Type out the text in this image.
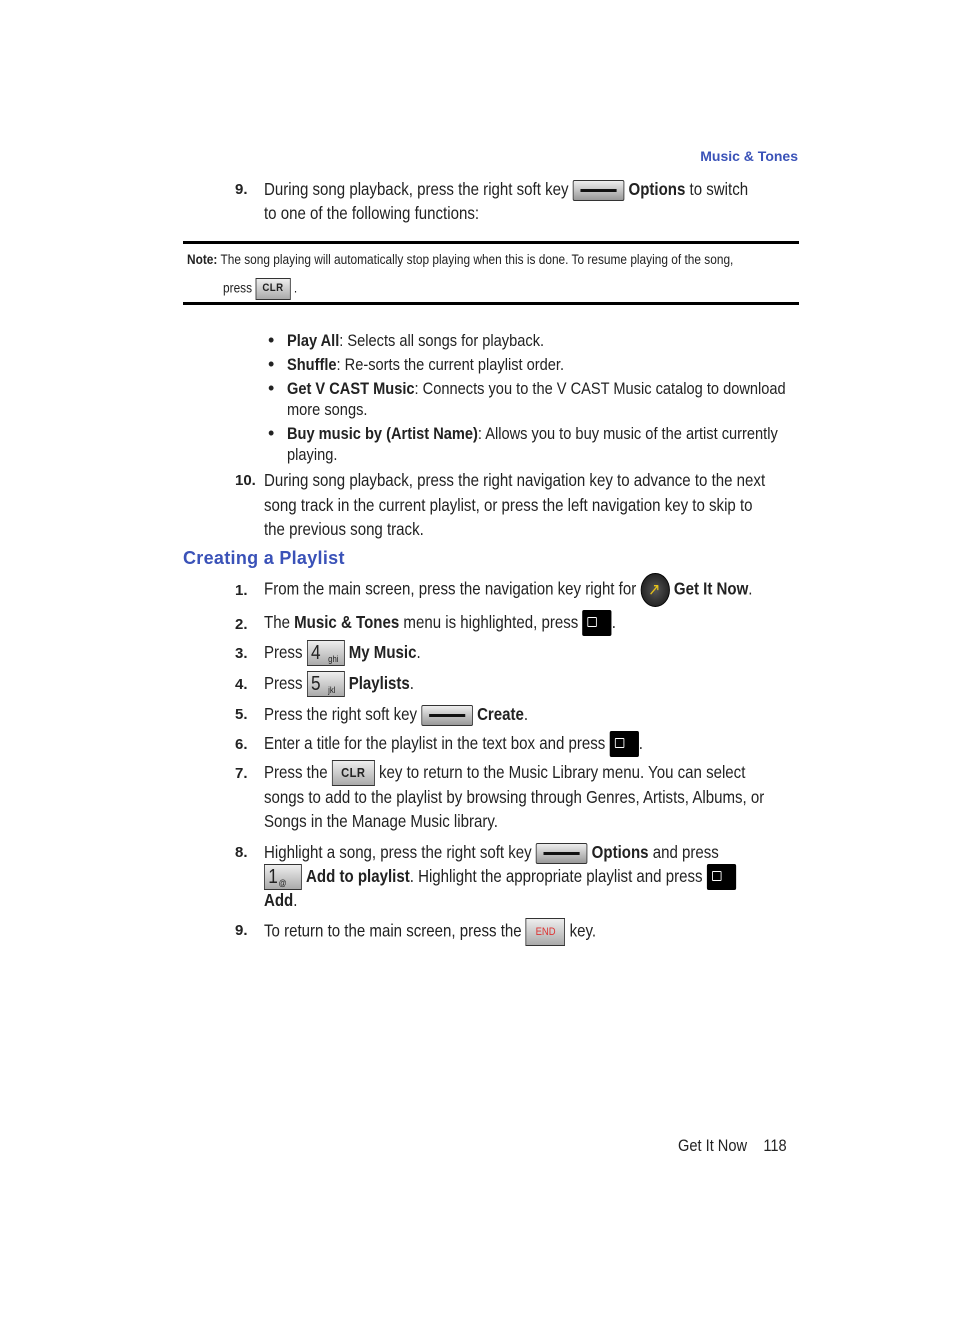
Music & Tones
9. During song playback, press the right soft key	Options to switch
to one of the following functions:
Note: The song playing will automatically stop playing when this is done. To resume playing of the song,
press CLR .
• Play All: Selects all songs for playback.
• Shuffle: Re-sorts the current playlist order.
• Get V CAST Music: Connects you to the V CAST Music catalog to download
more songs.
• Buy music by (Artist Name): Allows you to buy music of the artist currently
playing.
10. During song playback, press the right navigation key to advance to the next
song track in the current playlist, or press the left navigation key to skip to
the previous song track.
Creating a Playlist
1. From the main screen, press the navigation key right for ↗ Get It Now.
2. The Music & Tones menu is highlighted, press .
3. Press 4 ghi My Music.
4. Press 5 jkl Playlists.
5. Press the right soft key	Create.
6. Enter a title for the playlist in the text box and press .
7. Press the CLR key to return to the Music Library menu. You can select
songs to add to the playlist by browsing through Genres, Artists, Albums, or
Songs in the Manage Music library.
8. Highlight a song, press the right soft key	Options and press
1 @ Add to playlist. Highlight the appropriate playlist and press
Add.
9. To return to the main screen, press the END key.
Get It Now 118
